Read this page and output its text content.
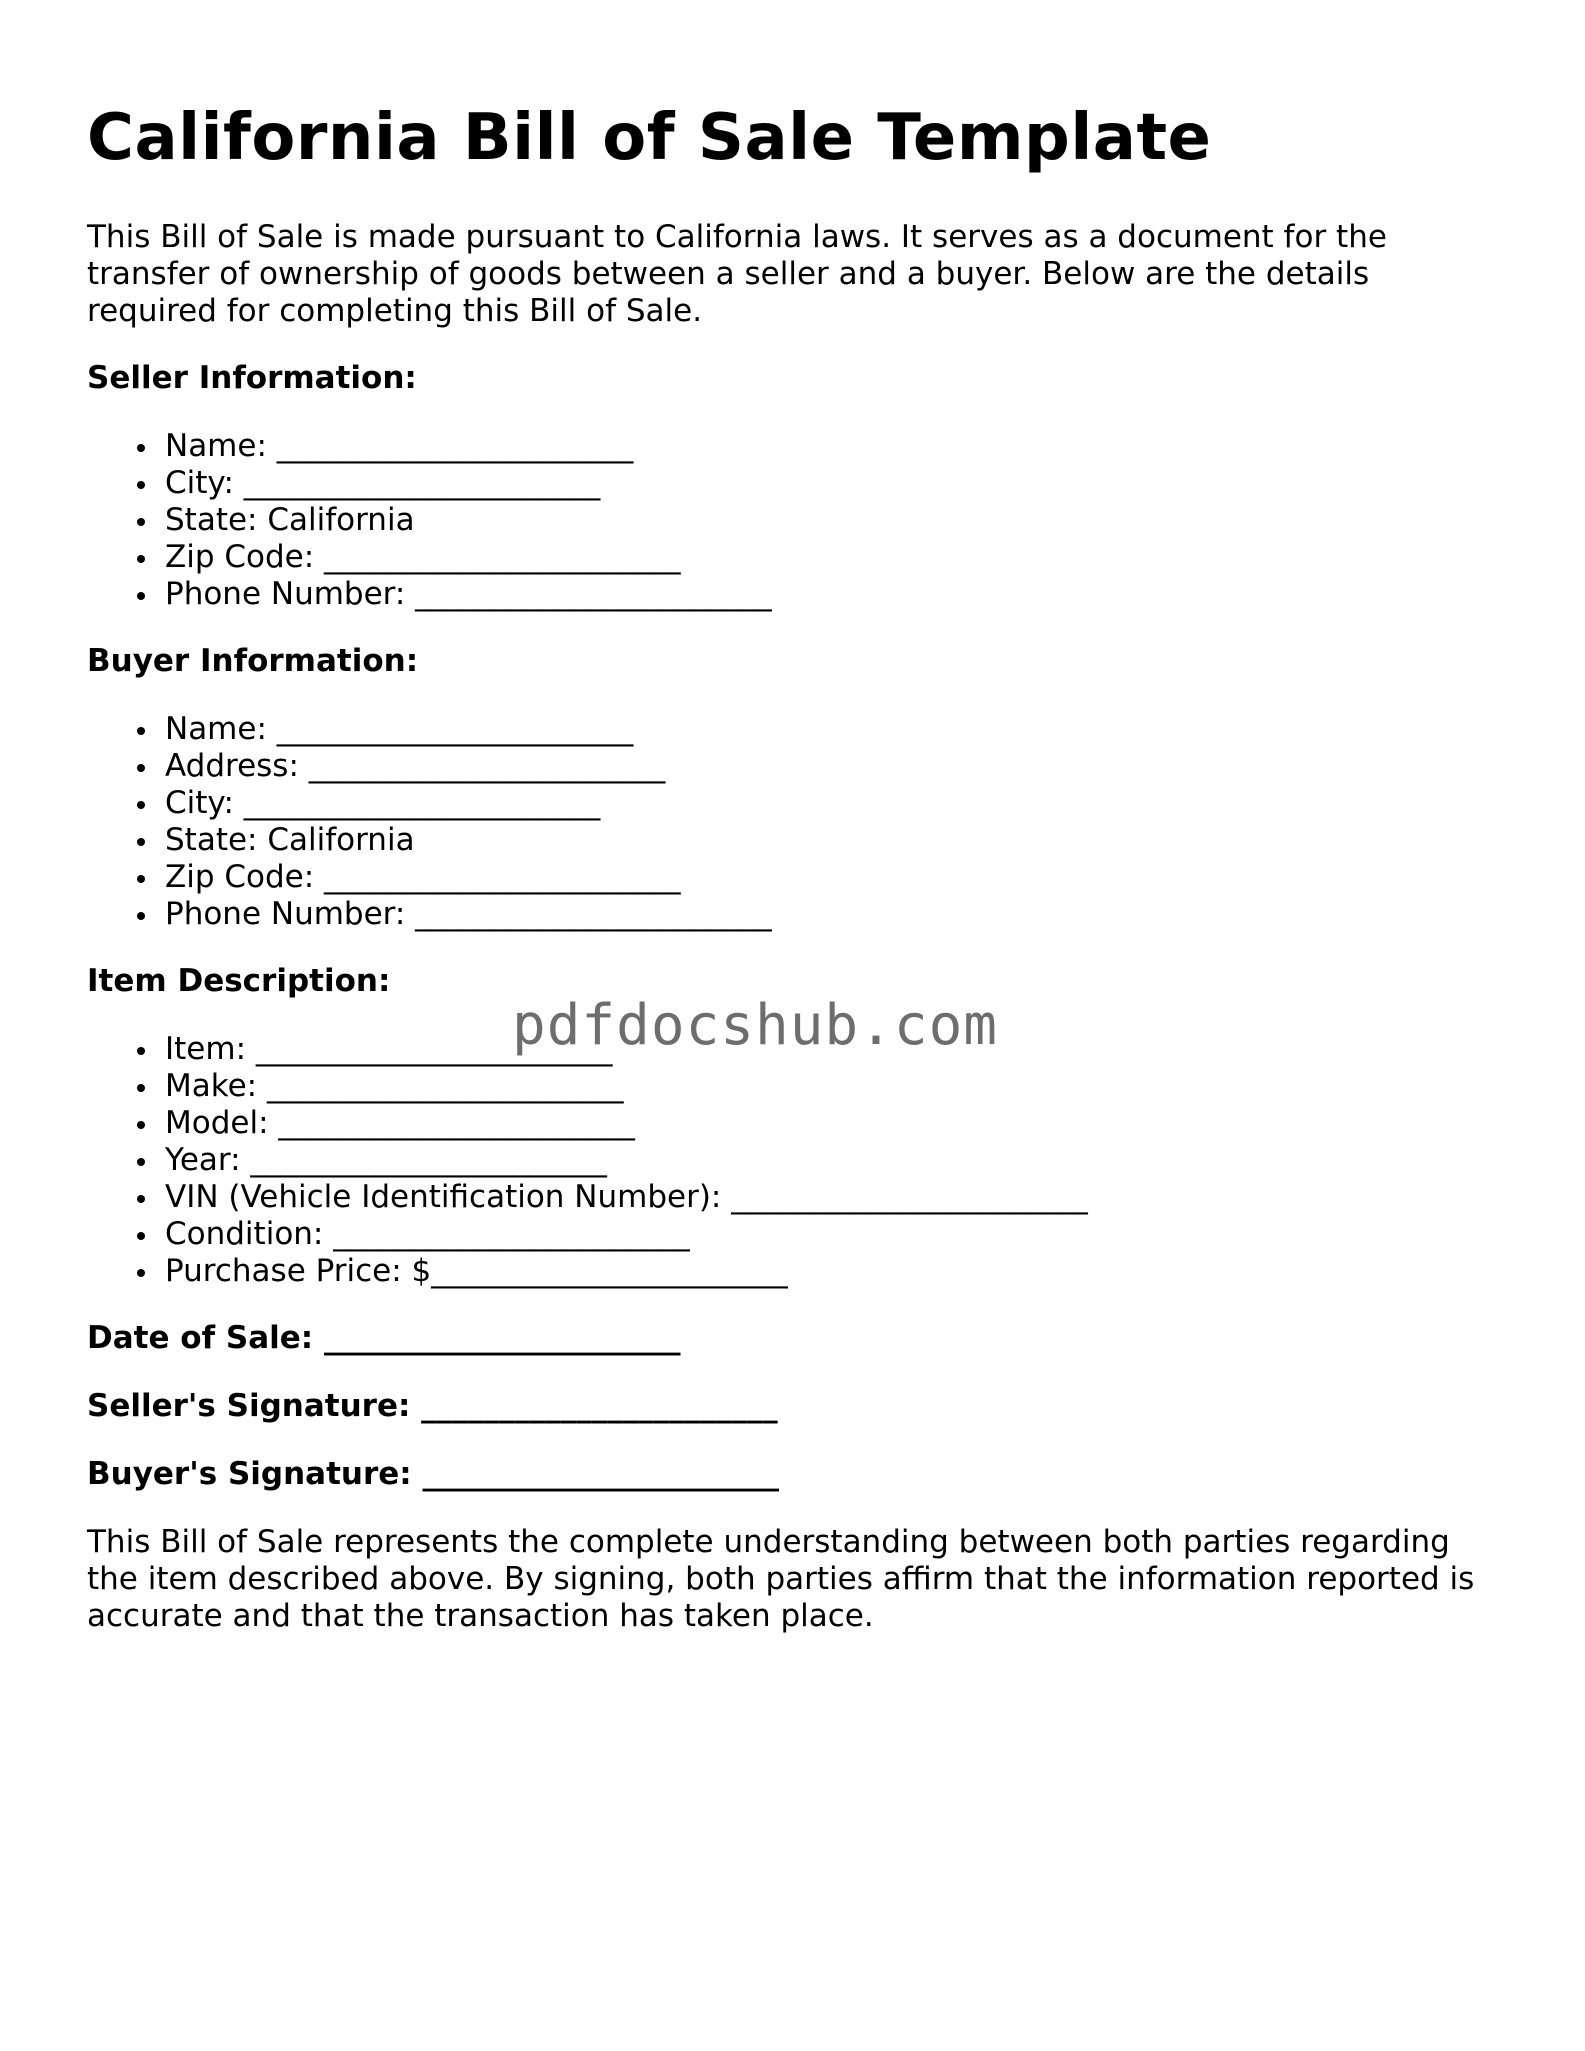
California Bill of Sale Template

This Bill of Sale is made pursuant to California laws. It serves as a document for the transfer of ownership of goods between a seller and a buyer. Below are the details required for completing this Bill of Sale.

Seller Information:
Name: _______________________
City: _______________________
State: California
Zip Code: _______________________
Phone Number: _______________________
Buyer Information:
Name: _______________________
Address: _______________________
City: _______________________
State: California
Zip Code: _______________________
Phone Number: _______________________
Item Description:
Item: _______________________
Make: _______________________
Model: _______________________
Year: _______________________
VIN (Vehicle Identification Number): _______________________
Condition: _______________________
Purchase Price: $_______________________
Date of Sale: _______________________
Seller's Signature: _______________________
Buyer's Signature: _______________________

This Bill of Sale represents the complete understanding between both parties regarding the item described above. By signing, both parties affirm that the information reported is accurate and that the transaction has taken place.

pdfdocshub.com
